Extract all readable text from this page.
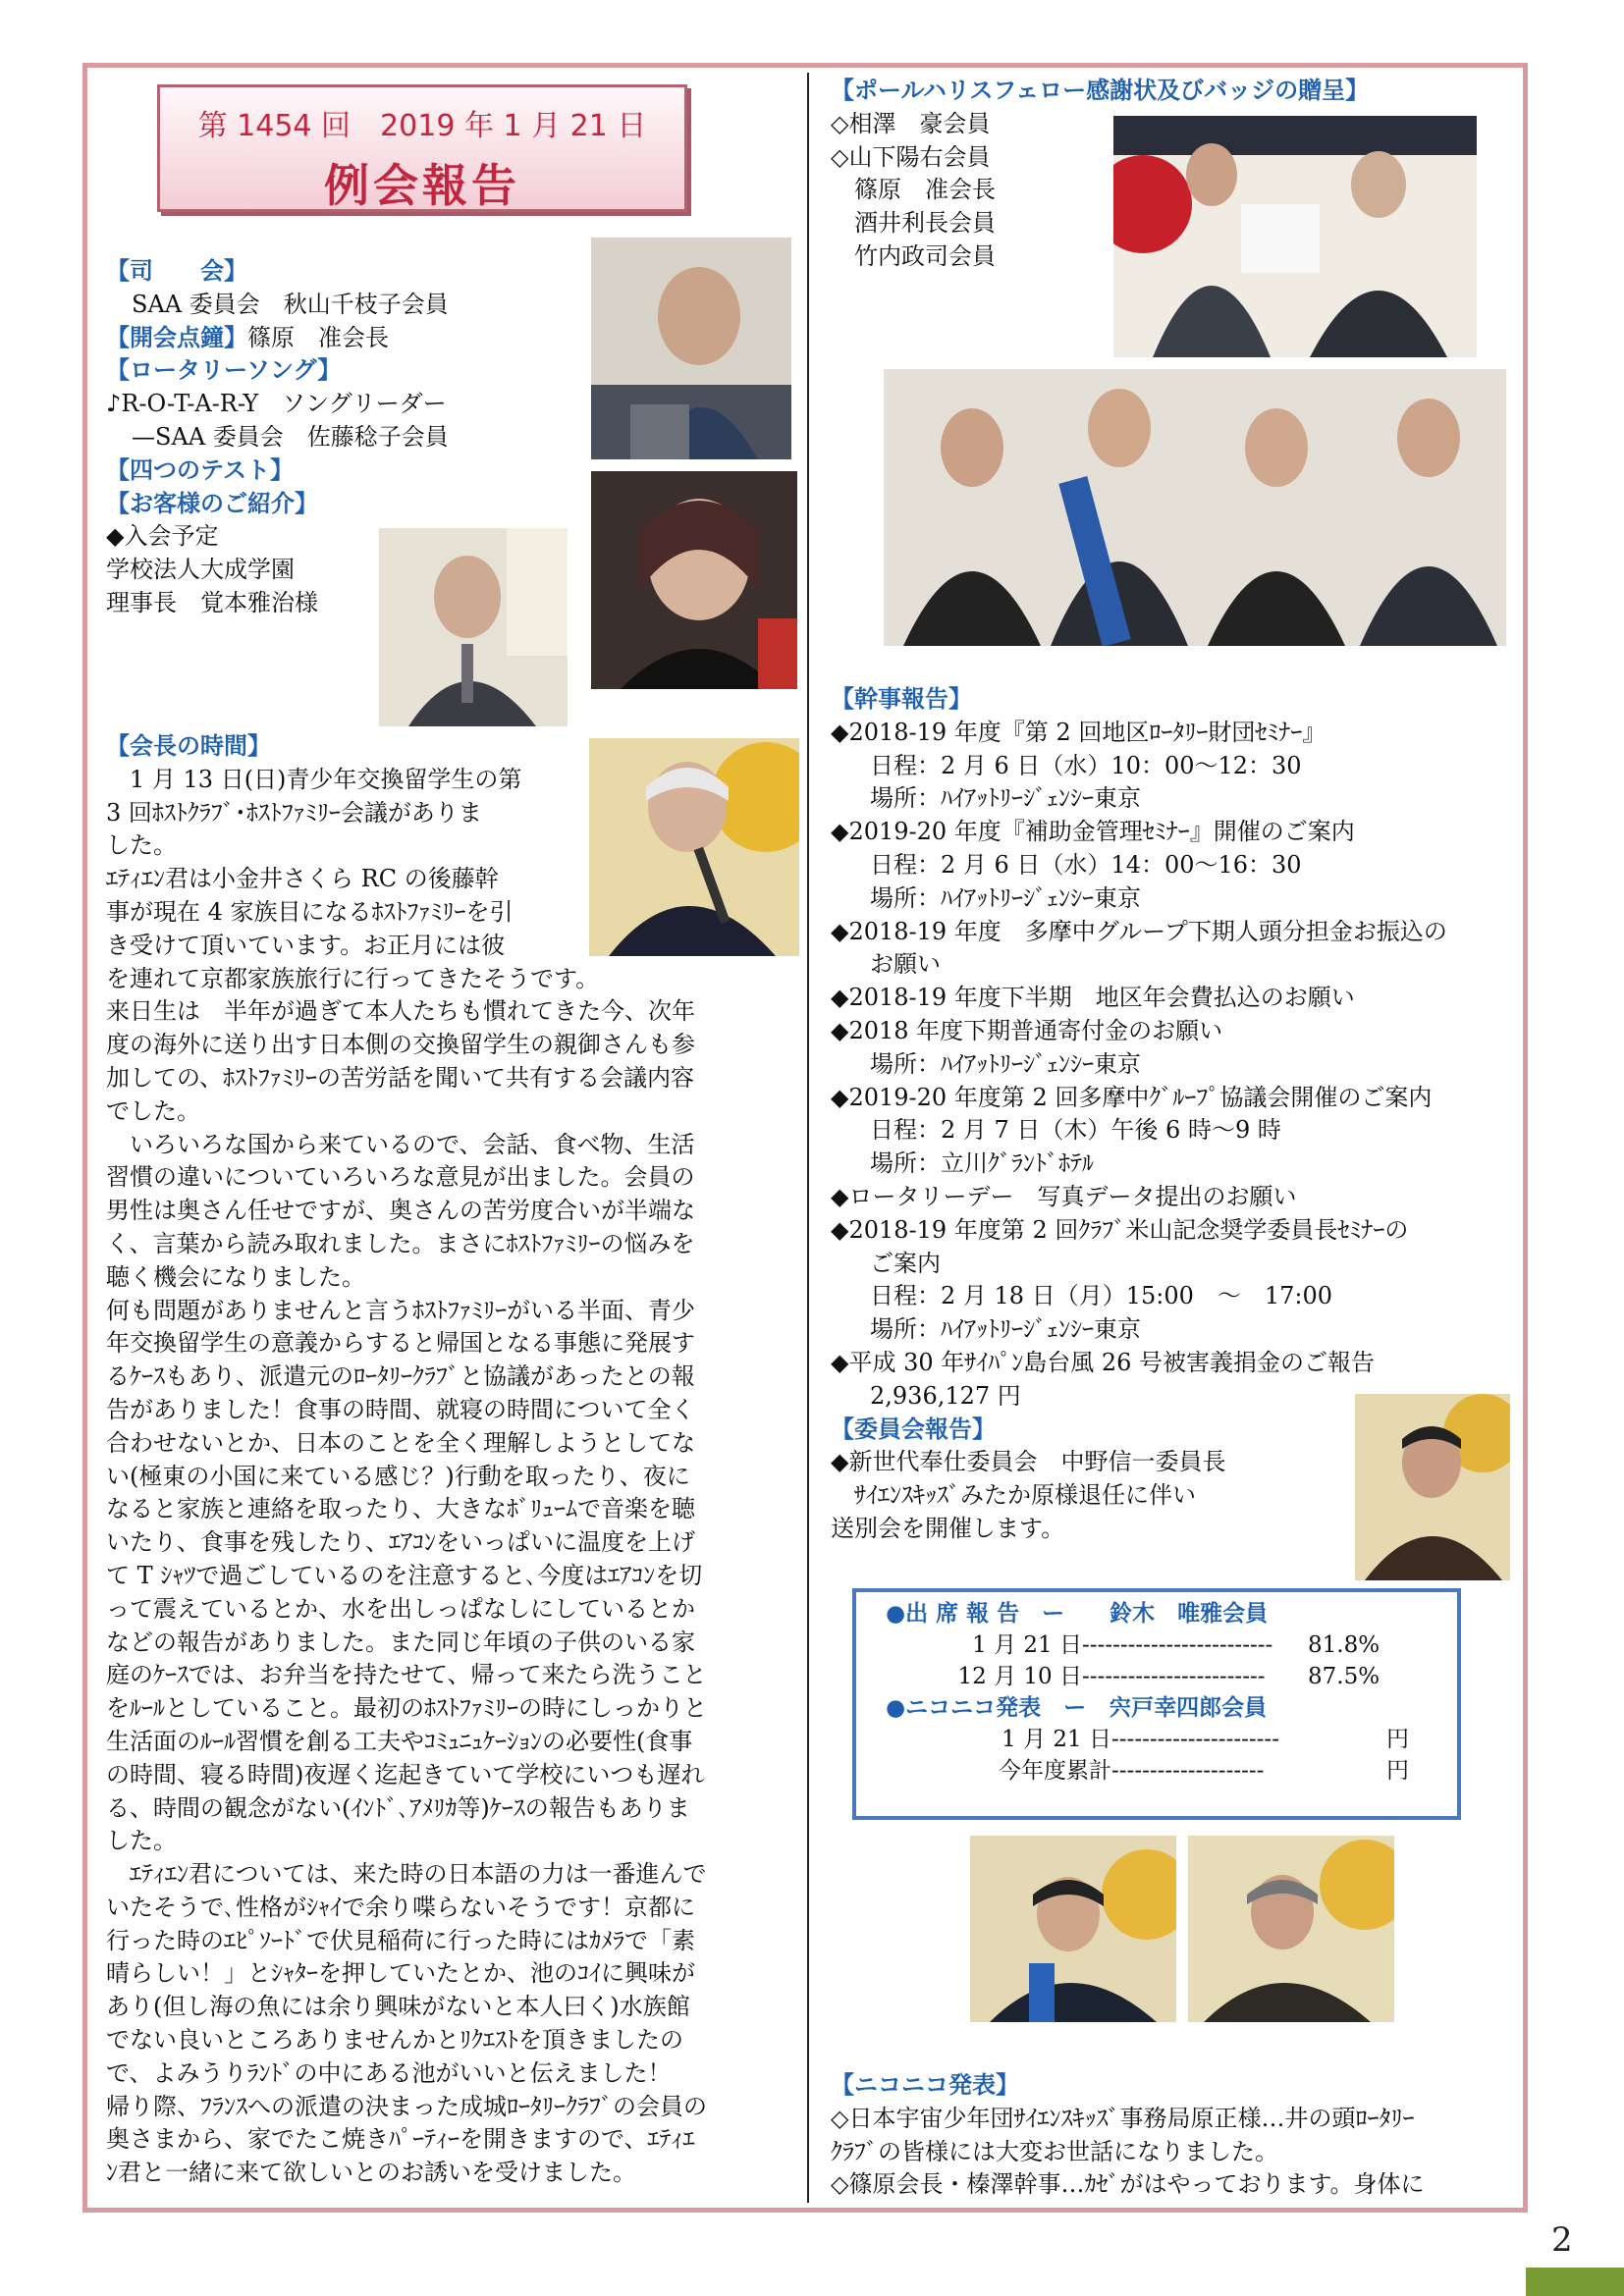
第 1454 回　2019 年 1 月 21 日
例会報告

【司　　会】

SAA 委員会　秋山千枝子会員

【開会点鐘】篠原　准会長

【ロータリーソング】

♪R-O-T-A-R-Y　ソングリーダー

—SAA 委員会　佐藤稔子会員

【四つのテスト】

【お客様のご紹介】

◆入会予定

学校法人大成学園

理事長　覚本雅治様

【会長の時間】

　1 月 13 日(日)青少年交換留学生の第

3 回ﾎｽﾄｸﾗﾌﾞ･ﾎｽﾄﾌｧﾐﾘｰ会議がありま

した。

ｴﾃｨｴﾝ君は小金井さくら RC の後藤幹

事が現在 4 家族目になるﾎｽﾄﾌｧﾐﾘｰを引

き受けて頂いています。お正月には彼

を連れて京都家族旅行に行ってきたそうです。

来日生は　半年が過ぎて本人たちも慣れてきた今、次年

度の海外に送り出す日本側の交換留学生の親御さんも参

加しての、ﾎｽﾄﾌｧﾐﾘｰの苦労話を聞いて共有する会議内容

でした。

　いろいろな国から来ているので、会話、食べ物、生活

習慣の違いについていろいろな意見が出ました。会員の

男性は奥さん任せですが、奥さんの苦労度合いが半端な

く、言葉から読み取れました。まさにﾎｽﾄﾌｧﾐﾘｰの悩みを

聴く機会になりました。

何も問題がありませんと言うﾎｽﾄﾌｧﾐﾘｰがいる半面、青少

年交換留学生の意義からすると帰国となる事態に発展す

るｹｰｽもあり、派遣元のﾛｰﾀﾘｰｸﾗﾌﾞと協議があったとの報

告がありました！食事の時間、就寝の時間について全く

合わせないとか、日本のことを全く理解しようとしてな

い(極東の小国に来ている感じ？)行動を取ったり、夜に

なると家族と連絡を取ったり、大きなﾎﾞﾘｭｰﾑで音楽を聴

いたり、食事を残したり、ｴｱｺﾝをいっぱいに温度を上げ

て T ｼｬﾂで過ごしているのを注意すると､今度はｴｱｺﾝを切

って震えているとか、水を出しっぱなしにしているとか

などの報告がありました。また同じ年頃の子供のいる家

庭のｹｰｽでは、お弁当を持たせて、帰って来たら洗うこと

をﾙｰﾙとしていること。最初のﾎｽﾄﾌｧﾐﾘｰの時にしっかりと

生活面のﾙｰﾙ習慣を創る工夫やｺﾐｭﾆｭｹｰｼｮﾝの必要性(食事

の時間、寝る時間)夜遅く迄起きていて学校にいつも遅れ

る、時間の観念がない(ｲﾝﾄﾞ､ｱﾒﾘｶ等)ｹｰｽの報告もありま

した。

　ｴﾃｨｴﾝ君については、来た時の日本語の力は一番進んで

いたそうで､性格がｼｬｲで余り喋らないそうです！京都に

行った時のｴﾋﾟｿｰﾄﾞで伏見稲荷に行った時にはｶﾒﾗで「素

晴らしい！」とｼｬﾀｰを押していたとか、池のｺｲに興味が

あり(但し海の魚には余り興味がないと本人曰く)水族館

でない良いところありませんかとﾘｸｴｽﾄを頂きましたの

で、よみうりﾗﾝﾄﾞの中にある池がいいと伝えました！

帰り際、ﾌﾗﾝｽへの派遣の決まった成城ﾛｰﾀﾘｰｸﾗﾌﾞの会員の

奥さまから、家でたこ焼きﾊﾟｰﾃｨｰを開きますので、ｴﾃｨｴ

ﾝ君と一緒に来て欲しいとのお誘いを受けました。

【ポールハリスフェロー感謝状及びバッジの贈呈】

◇相澤　豪会員

◇山下陽右会員

　篠原　准会長

　酒井利長会員

　竹内政司会員

【幹事報告】

◆2018-19 年度『第 2 回地区ﾛｰﾀﾘｰ財団ｾﾐﾅｰ』

日程：2 月 6 日（水）10：00～12：30

場所：ﾊｲｱｯﾄﾘｰｼﾞｪﾝｼｰ東京

◆2019-20 年度『補助金管理ｾﾐﾅｰ』開催のご案内

日程：2 月 6 日（水）14：00～16：30

場所：ﾊｲｱｯﾄﾘｰｼﾞｪﾝｼｰ東京

◆2018-19 年度　多摩中グループ下期人頭分担金お振込の

お願い

◆2018-19 年度下半期　地区年会費払込のお願い

◆2018 年度下期普通寄付金のお願い

場所：ﾊｲｱｯﾄﾘｰｼﾞｪﾝｼｰ東京

◆2019-20 年度第 2 回多摩中ｸﾞﾙｰﾌﾟ協議会開催のご案内

日程：2 月 7 日（木）午後 6 時～9 時

場所：立川ｸﾞﾗﾝﾄﾞﾎﾃﾙ

◆ロータリーデー　写真データ提出のお願い

◆2018-19 年度第 2 回ｸﾗﾌﾞ米山記念奨学委員長ｾﾐﾅｰの

ご案内

日程：2 月 18 日（月）15:00　～　17:00

場所：ﾊｲｱｯﾄﾘｰｼﾞｪﾝｼｰ東京

◆平成 30 年ｻｲﾊﾟﾝ島台風 26 号被害義捐金のご報告

2,936,127 円

【委員会報告】

◆新世代奉仕委員会　中野信一委員長

　ｻｲｴﾝｽｷｯｽﾞみたか原様退任に伴い

送別会を開催します。

●出 席 報 告　ー　　鈴木　唯雅会員
1 月 21 日 -------------------------	81.8%
12 月 10 日 ------------------------	87.5%
●ニコニコ発表　ー　宍戸幸四郎会員
1 月 21 日 ----------------------	円
今年度累計 --------------------	円

【ニコニコ発表】

◇日本宇宙少年団ｻｲｴﾝｽｷｯｽﾞ事務局原正様…井の頭ﾛｰﾀﾘｰ

ｸﾗﾌﾞの皆様には大変お世話になりました。

◇篠原会長・榛澤幹事…ｶｾﾞがはやっております。身体に

2
